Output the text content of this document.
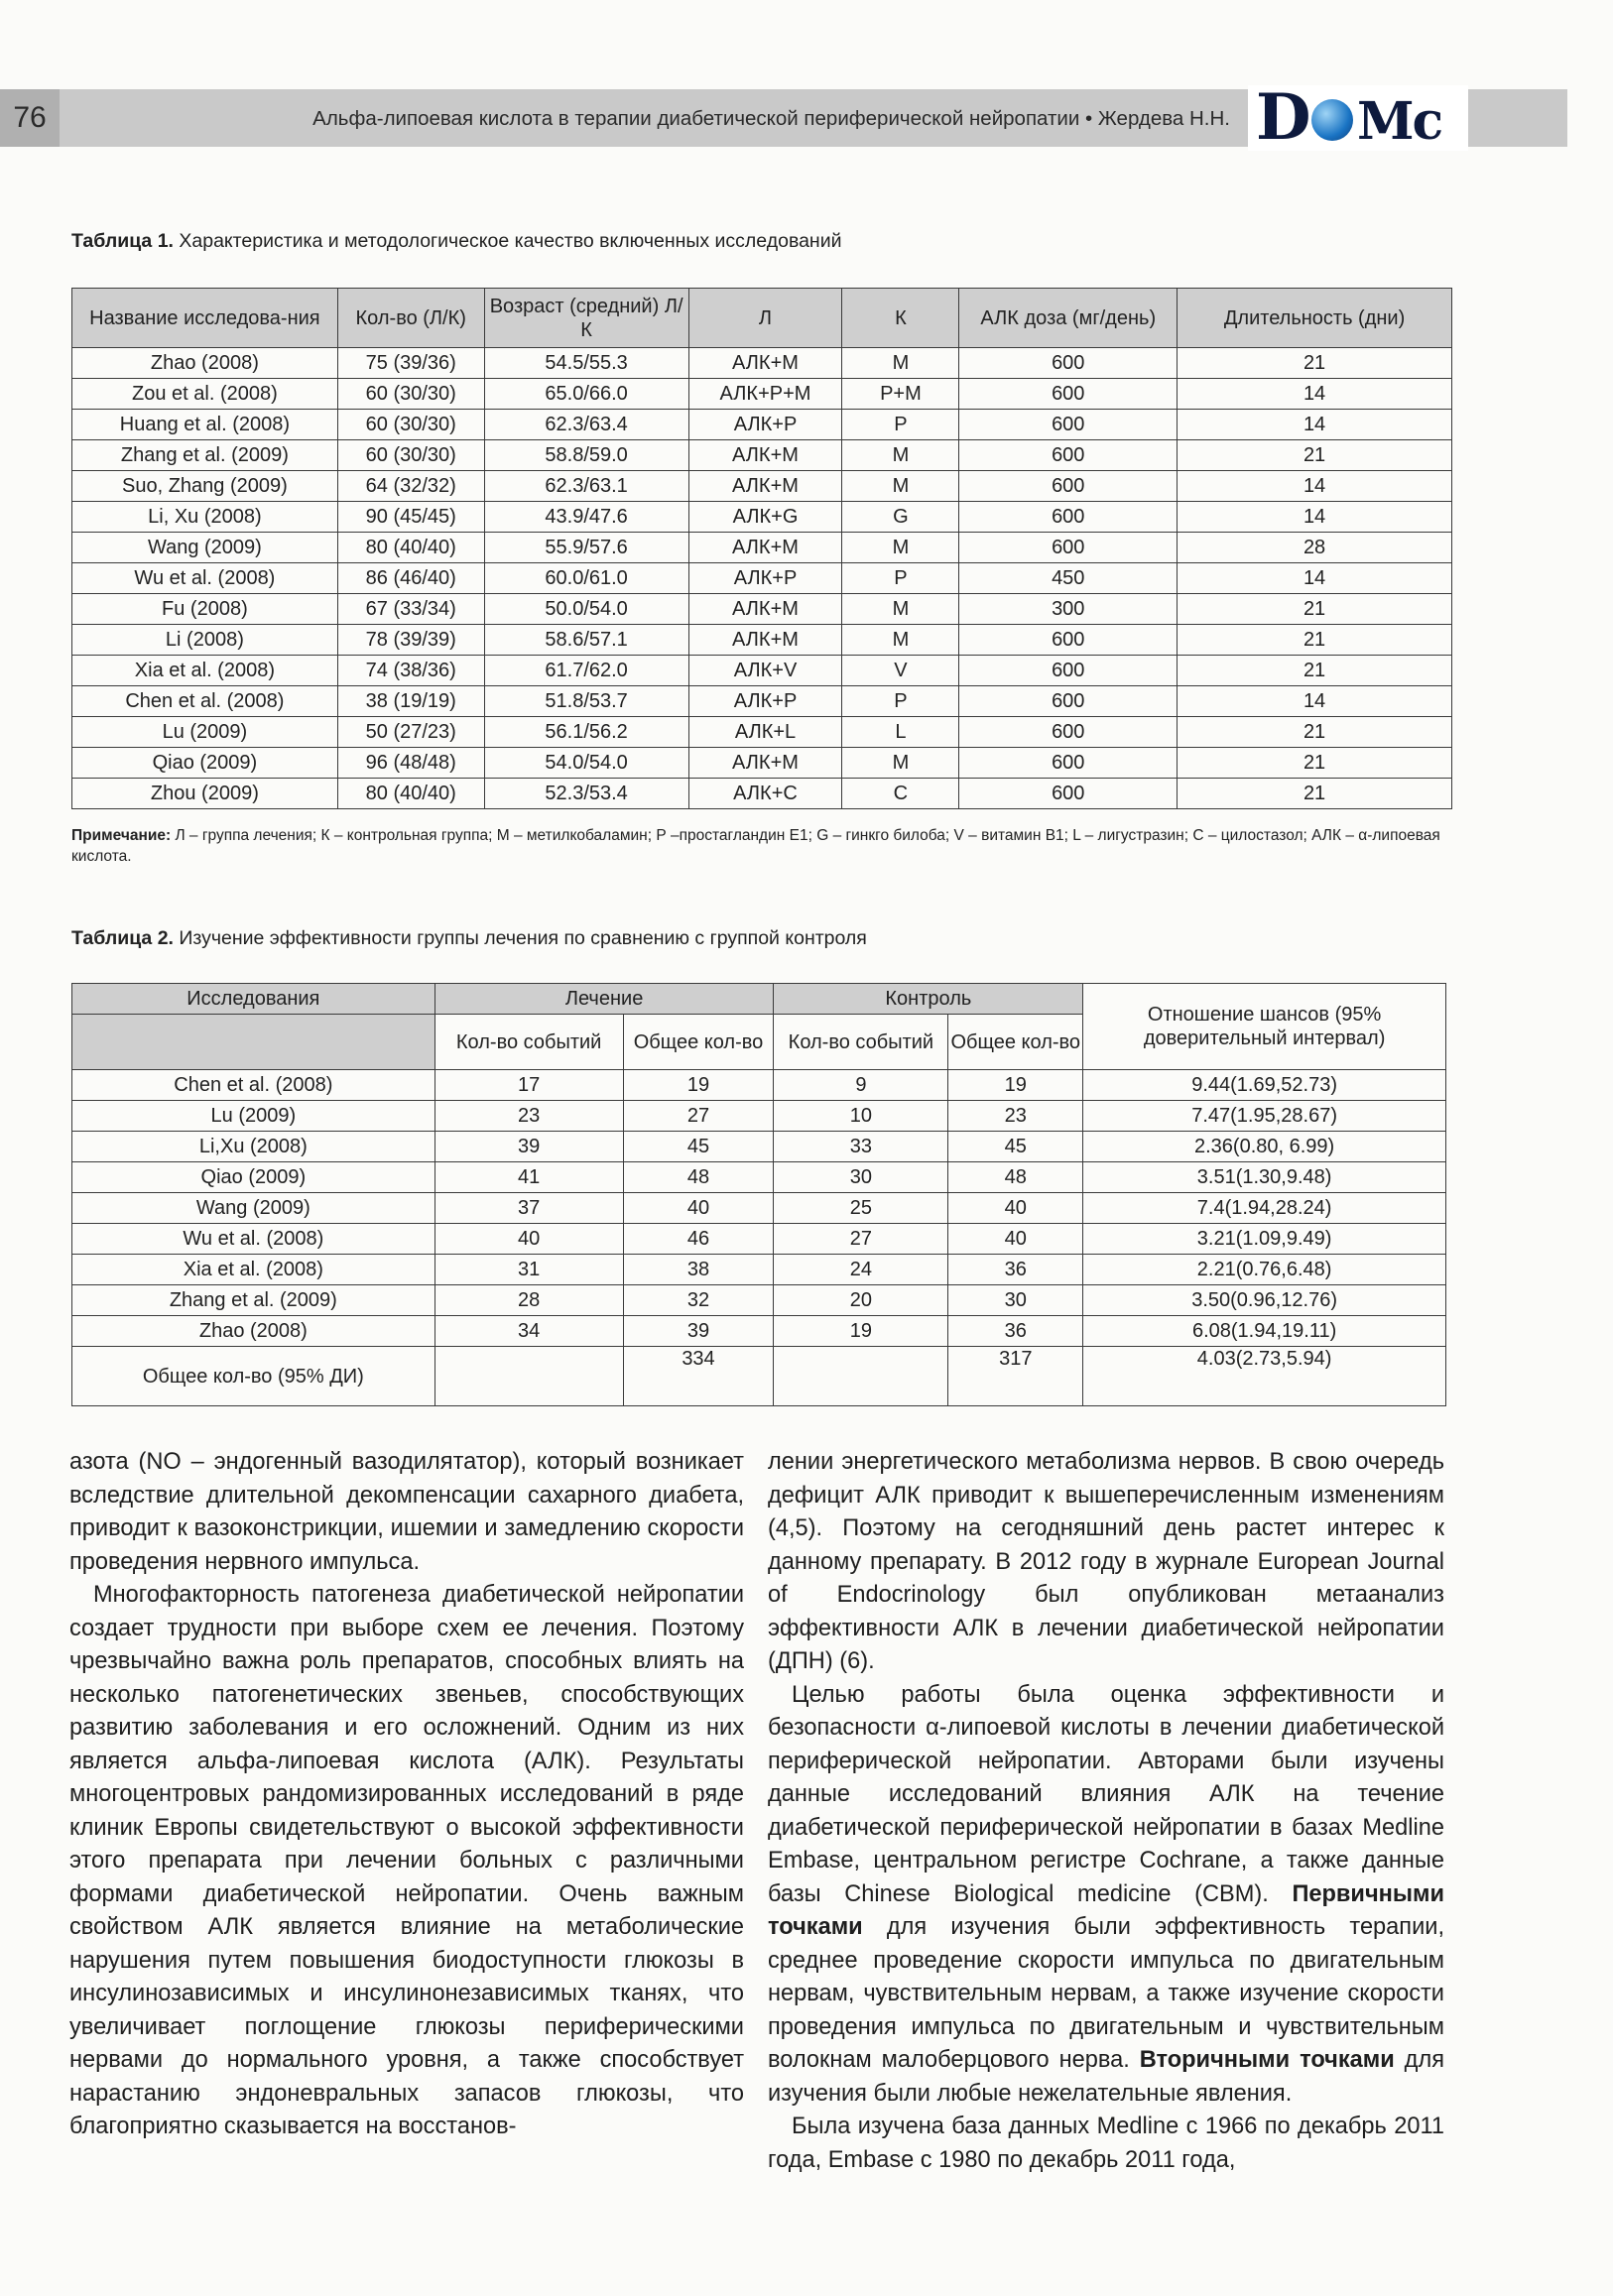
76	Альфа-липоевая кислота в терапии диабетической периферической нейропатии • Жердева Н.Н. D Мс
Таблица 1. Характеристика и методологическое качество включенных исследований
Название исследова-ния	Кол-во (Л/К)	Возраст (средний) Л/К	Л	К	АЛК доза (мг/день)	Длительность (дни)
Zhao (2008)	75 (39/36)	54.5/55.3	АЛК+М	М	600	21
Zou et al. (2008)	60 (30/30)	65.0/66.0	АЛК+Р+М	Р+М	600	14
Huang et al. (2008)	60 (30/30)	62.3/63.4	АЛК+Р	Р	600	14
Zhang et al. (2009)	60 (30/30)	58.8/59.0	АЛК+М	М	600	21
Suo, Zhang (2009)	64 (32/32)	62.3/63.1	АЛК+М	М	600	14
Li, Xu (2008)	90 (45/45)	43.9/47.6	АЛК+G	G	600	14
Wang (2009)	80 (40/40)	55.9/57.6	АЛК+М	М	600	28
Wu et al. (2008)	86 (46/40)	60.0/61.0	АЛК+Р	Р	450	14
Fu (2008)	67 (33/34)	50.0/54.0	АЛК+М	М	300	21
Li (2008)	78 (39/39)	58.6/57.1	АЛК+М	М	600	21
Xia et al. (2008)	74 (38/36)	61.7/62.0	АЛК+V	V	600	21
Chen et al. (2008)	38 (19/19)	51.8/53.7	АЛК+Р	Р	600	14
Lu (2009)	50 (27/23)	56.1/56.2	АЛК+L	L	600	21
Qiao (2009)	96 (48/48)	54.0/54.0	АЛК+М	М	600	21
Zhou (2009)	80 (40/40)	52.3/53.4	АЛК+С	С	600	21
Примечание: Л – группа лечения; К – контрольная группа; М – метилкобаламин; Р –простагландин Е1; G – гинкго билоба; V – витамин В1; L – лигустразин; С – цилостазол; АЛК – α-липоевая кислота.
Таблица 2. Изучение эффективности группы лечения по сравнению с группой контроля
Исследования	Лечение		Контроль		Отношение шансов (95% доверительный интервал)
	Кол-во событий	Общее кол-во	Кол-во событий	Общее кол-во	
Chen et al. (2008)	17	19	9	19	9.44(1.69,52.73)
Lu (2009)	23	27	10	23	7.47(1.95,28.67)
Li,Xu (2008)	39	45	33	45	2.36(0.80, 6.99)
Qiao (2009)	41	48	30	48	3.51(1.30,9.48)
Wang (2009)	37	40	25	40	7.4(1.94,28.24)
Wu et al. (2008)	40	46	27	40	3.21(1.09,9.49)
Xia et al. (2008)	31	38	24	36	2.21(0.76,6.48)
Zhang et al. (2009)	28	32	20	30	3.50(0.96,12.76)
Zhao (2008)	34	39	19	36	6.08(1.94,19.11)
Общее кол-во (95% ДИ)		334		317	4.03(2.73,5.94)

азота (NO – эндогенный вазодилятатор), который возникает вследствие длительной декомпенсации сахарного диабета, приводит к вазоконстрикции, ишемии и замедлению скорости проведения нервного импульса.

Многофакторность патогенеза диабетической нейропатии создает трудности при выборе схем ее лечения. Поэтому чрезвычайно важна роль препаратов, способных влиять на несколько патогенетических звеньев, способствующих развитию заболевания и его осложнений. Одним из них является альфа-липоевая кислота (АЛК). Результаты многоцентровых рандомизированных исследований в ряде клиник Европы свидетельствуют о высокой эффективности этого препарата при лечении больных с различными формами диабетической нейропатии. Очень важным свойством АЛК является влияние на метаболические нарушения путем повышения биодоступности глюкозы в инсулинозависимых и инсулинонезависимых тканях, что увеличивает поглощение глюкозы периферическими нервами до нормального уровня, а также способствует нарастанию эндоневральных запасов глюкозы, что благоприятно сказывается на восстанов-

лении энергетического метаболизма нервов. В свою очередь дефицит АЛК приводит к вышеперечисленным изменениям (4,5). Поэтому на сегодняшний день растет интерес к данному препарату. В 2012 году в журнале European Journal of Endocrinology был опубликован метаанализ эффективности АЛК в лечении диабетической нейропатии (ДПН) (6).

Целью работы была оценка эффективности и безопасности α-липоевой кислоты в лечении диабетической периферической нейропатии. Авторами были изучены данные исследований влияния АЛК на течение диабетической периферической нейропатии в базах Medline Embase, центральном регистре Cochrane, а также данные базы Chinese Biological medicine (CBM). Первичными точками для изучения были эффективность терапии, среднее проведение скорости импульса по двигательным нервам, чувствительным нервам, а также изучение скорости проведения импульса по двигательным и чувствительным волокнам малоберцового нерва. Вторичными точками для изучения были любые нежелательные явления.

Была изучена база данных Medline с 1966 по декабрь 2011 года, Embase с 1980 по декабрь 2011 года,
